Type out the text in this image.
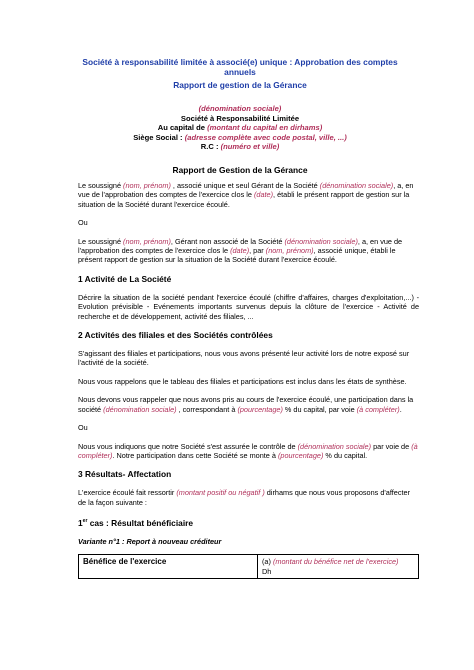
Société à responsabilité limitée à associé(e) unique : Approbation des comptes

annuels

Rapport de gestion de la Gérance

(dénomination sociale)

Société à Responsabilité Limitée

Au capital de (montant du capital en dirhams)

Siège Social : (adresse complète avec code postal, ville, ...)

R.C : (numéro et ville)

Rapport de Gestion de la Gérance

Le soussigné (nom, prénom) , associé unique et seul Gérant de la Société (dénomination sociale), a, en vue de l'approbation des comptes de l'exercice clos le (date), établi le présent rapport de gestion sur la situation de la Société durant l'exercice écoulé.

Ou

Le soussigné (nom, prénom), Gérant non associé de la Société (dénomination sociale), a, en vue de l'approbation des comptes de l'exercice clos le (date), par (nom, prénom), associé unique, établi le présent rapport de gestion sur la situation de la Société durant l'exercice écoulé.

1 Activité de La Société

Décrire la situation de la société pendant l'exercice écoulé (chiffre d'affaires, charges d'exploitation,...) - Evolution prévisible - Evénements importants survenus depuis la clôture de l'exercice - Activité de recherche et de développement, activité des filiales, ...

2 Activités des filiales et des Sociétés contrôlées

S'agissant des filiales et participations, nous vous avons présenté leur activité lors de notre exposé sur l'activité de la société.

Nous vous rappelons que le tableau des filiales et participations est inclus dans les états de synthèse.

Nous devons vous rappeler que nous avons pris au cours de l'exercice écoulé, une participation dans la société (dénomination sociale) , correspondant à (pourcentage) % du capital, par voie (à compléter).

Ou

Nous vous indiquons que notre Société s'est assurée le contrôle de (dénomination sociale) par voie de (à compléter). Notre participation dans cette Société se monte à (pourcentage) % du capital.

3 Résultats- Affectation

L'exercice écoulé fait ressortir (montant positif ou négatif ) dirhams que nous vous proposons d'affecter de la façon suivante :

1er cas : Résultat bénéficiaire
Variante n°1 : Report à nouveau créditeur
Bénéfice de l'exercice	(a) (montant du bénéfice net de l'exercice)
Dh
